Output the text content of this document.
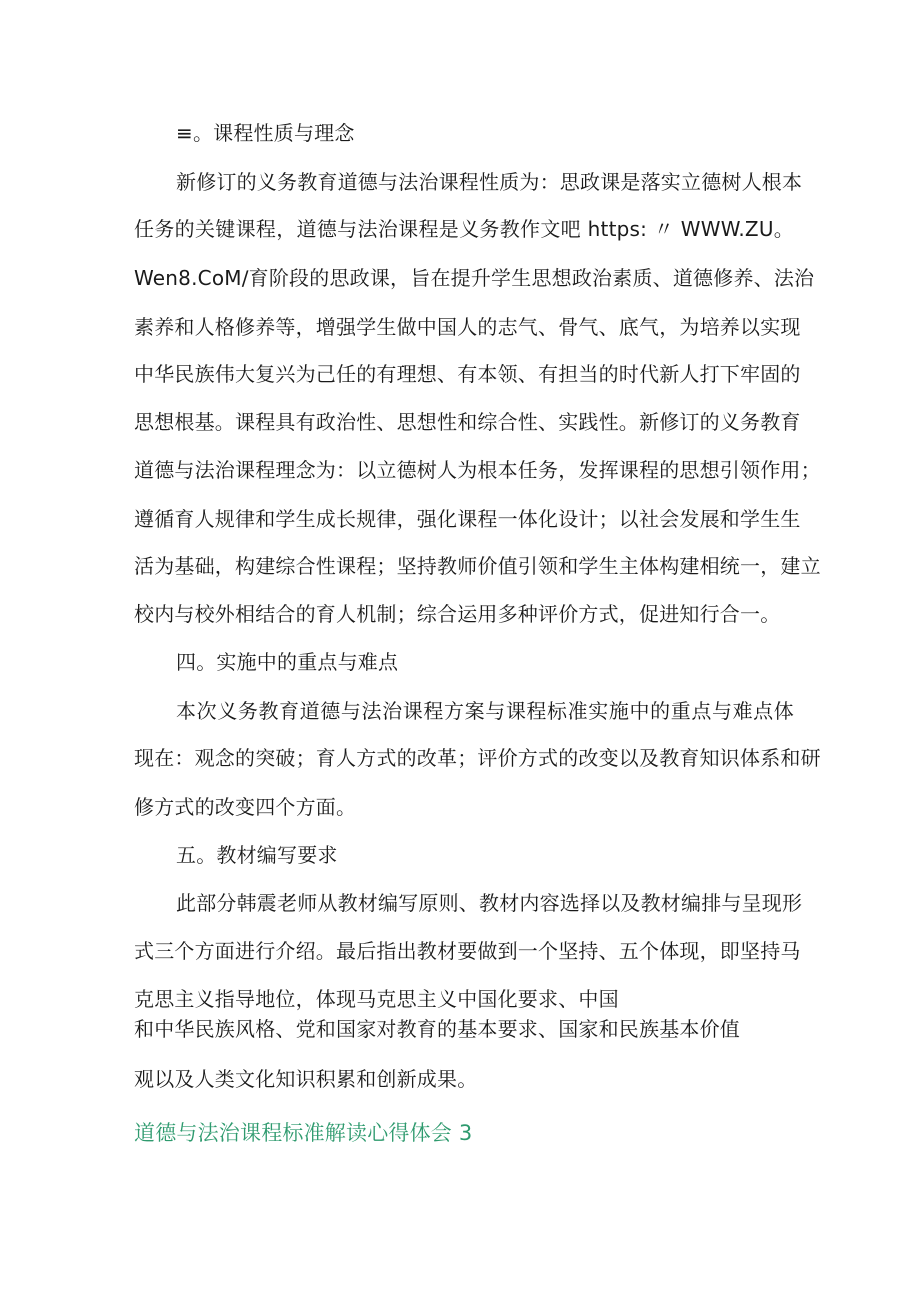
≡。课程性质与理念
新修订的义务教育道德与法治课程性质为：思政课是落实立德树人根本
任务的关键课程，道德与法治课程是义务教作文吧 https: 〃 WWW.ZU。
Wen8.CoM∕育阶段的思政课，旨在提升学生思想政治素质、道德修养、法治
素养和人格修养等，增强学生做中国人的志气、骨气、底气，为培养以实现
中华民族伟大复兴为己任的有理想、有本领、有担当的时代新人打下牢固的
思想根基。课程具有政治性、思想性和综合性、实践性。新修订的义务教育
道德与法治课程理念为：以立德树人为根本任务，发挥课程的思想引领作用；
遵循育人规律和学生成长规律，强化课程一体化设计；以社会发展和学生生
活为基础，构建综合性课程；坚持教师价值引领和学生主体构建相统一，建立
校内与校外相结合的育人机制；综合运用多种评价方式，促进知行合一。
四。实施中的重点与难点
本次义务教育道德与法治课程方案与课程标准实施中的重点与难点体
现在：观念的突破；育人方式的改革；评价方式的改变以及教育知识体系和研
修方式的改变四个方面。
五。教材编写要求
此部分韩震老师从教材编写原则、教材内容选择以及教材编排与呈现形
式三个方面进行介绍。最后指出教材要做到一个坚持、五个体现，即坚持马
克思主义指导地位，体现马克思主义中国化要求、中国
和中华民族风格、党和国家对教育的基本要求、国家和民族基本价值
观以及人类文化知识积累和创新成果。
道德与法治课程标准解读心得体会 3
